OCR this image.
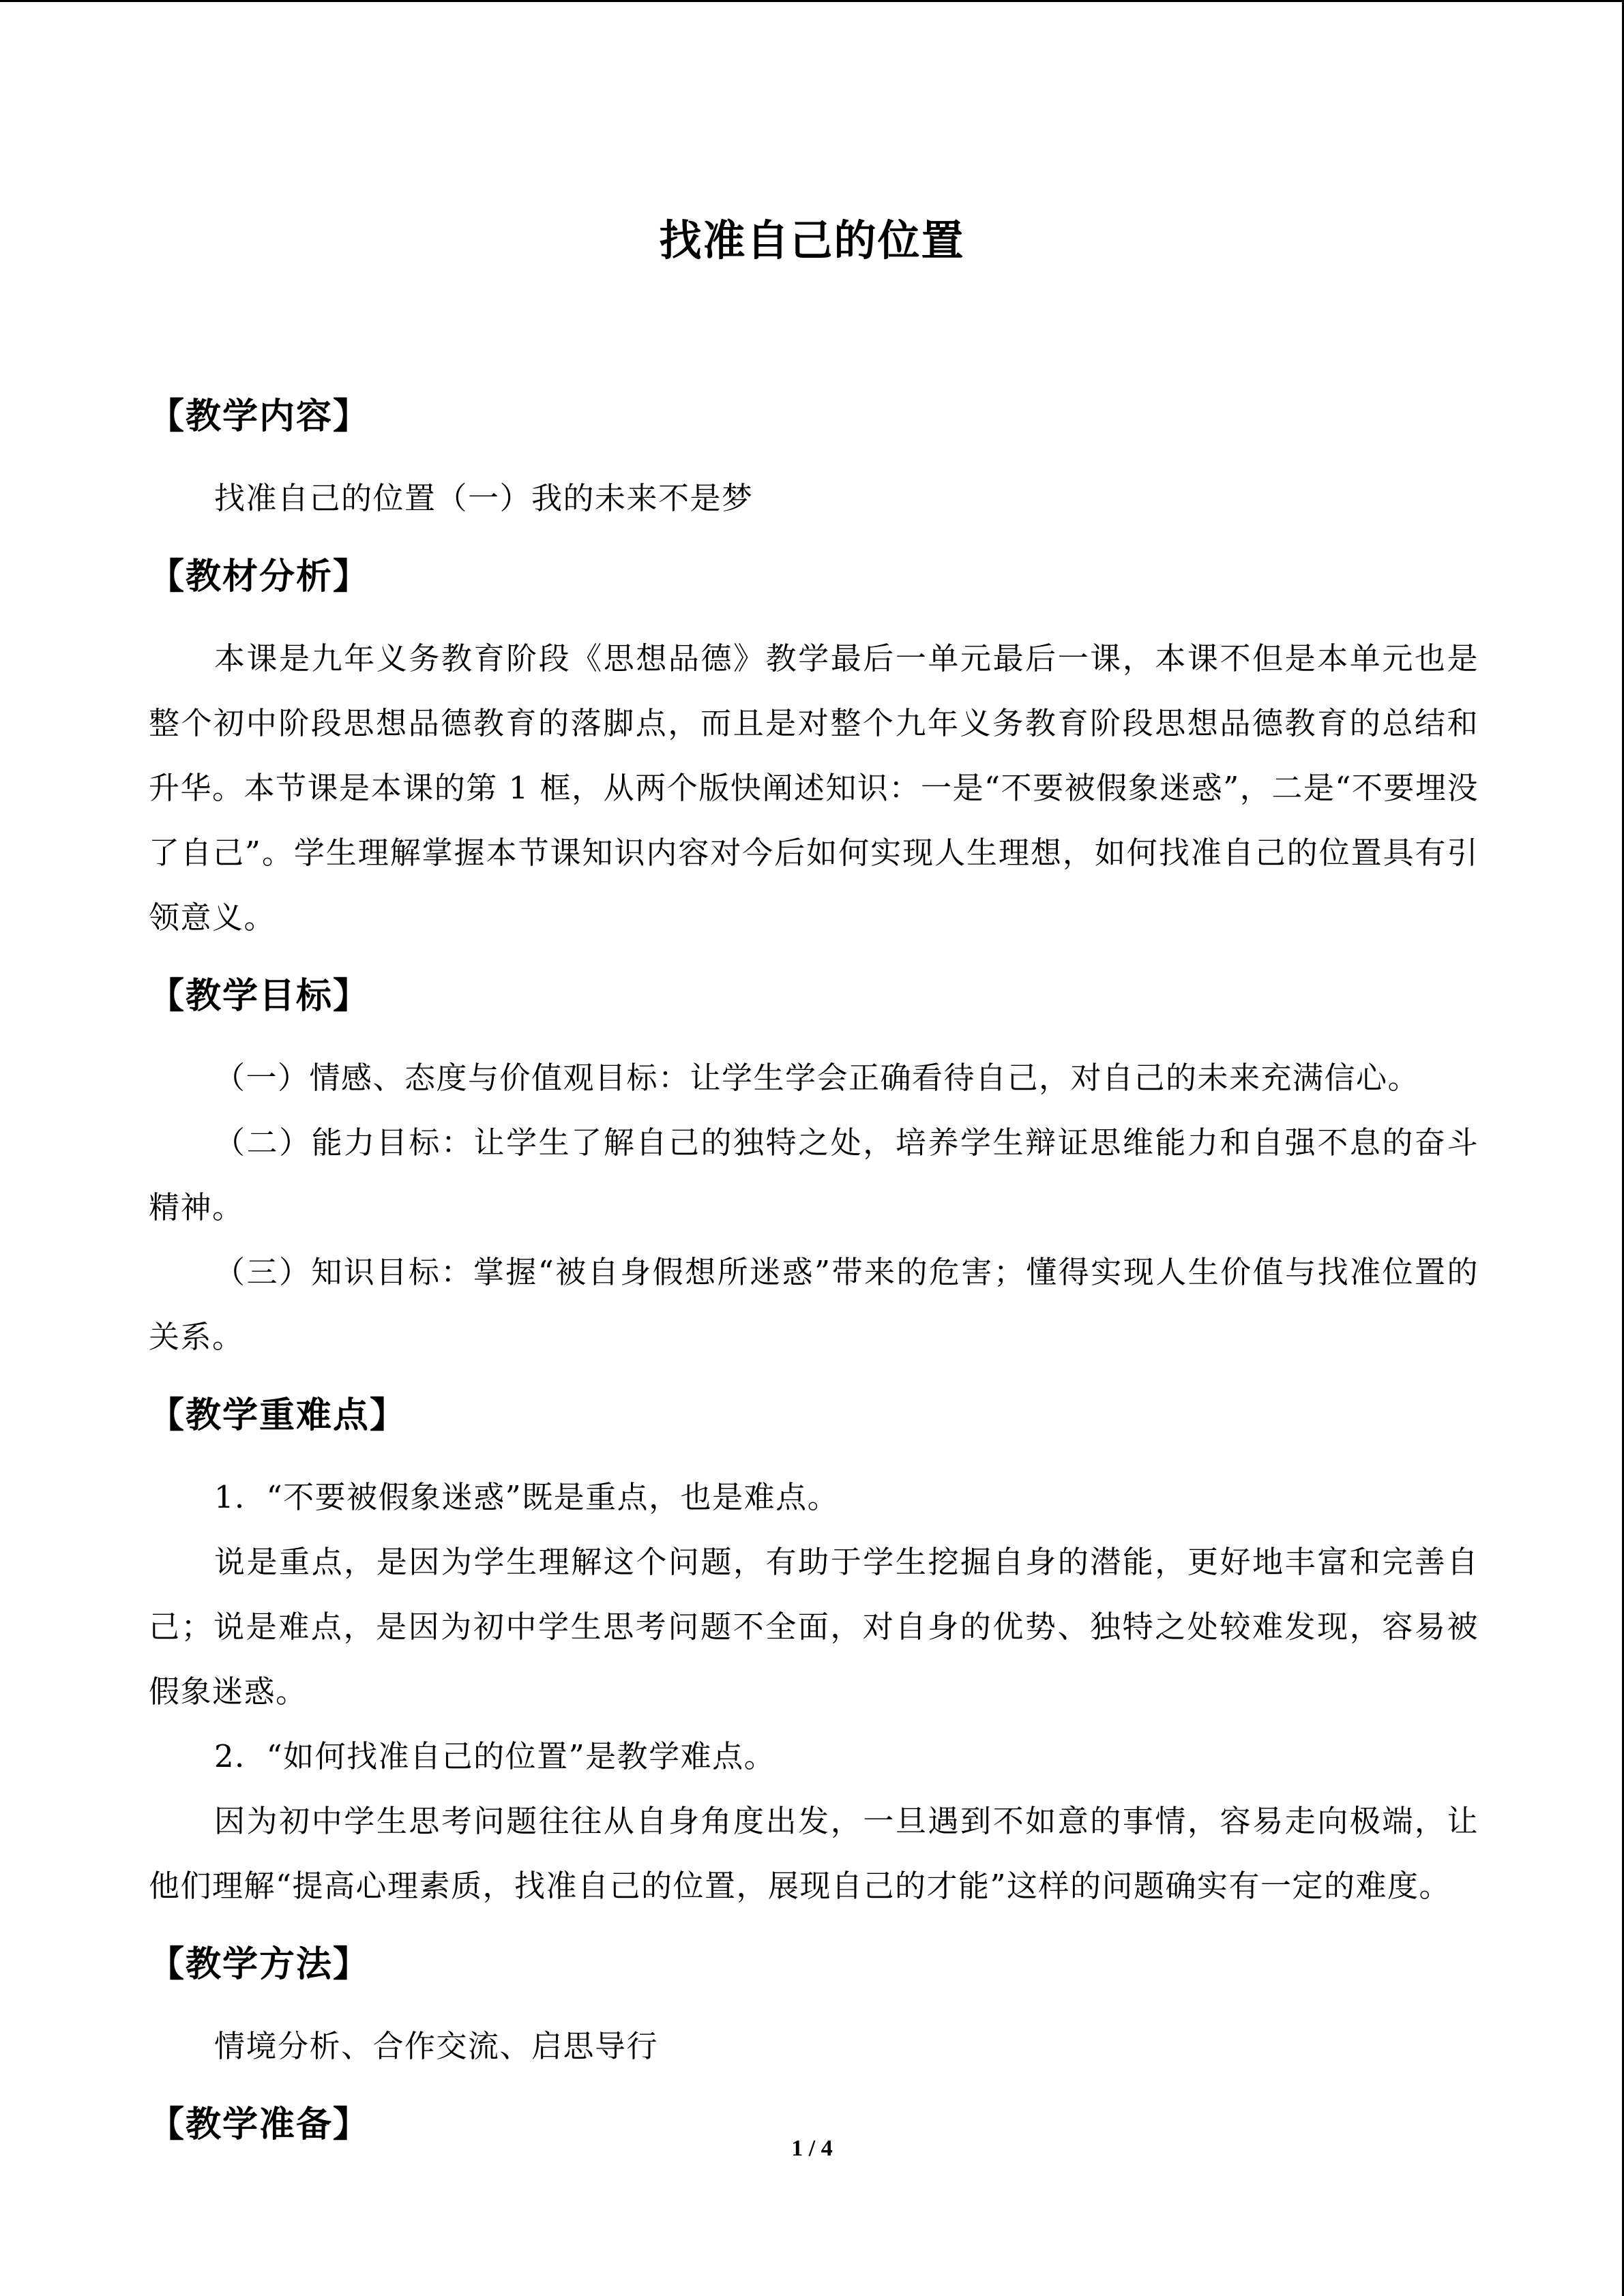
找准自己的位置
【教学内容】

找准自己的位置（一）我的未来不是梦

【教材分析】

本课是九年义务教育阶段《思想品德》教学最后一单元最后一课，本课不但是本单元也是整个初中阶段思想品德教育的落脚点，而且是对整个九年义务教育阶段思想品德教育的总结和升华。本节课是本课的第 1 框，从两个版快阐述知识：一是“不要被假象迷惑”，二是“不要埋没了自己”。学生理解掌握本节课知识内容对今后如何实现人生理想，如何找准自己的位置具有引领意义。

【教学目标】

（一）情感、态度与价值观目标：让学生学会正确看待自己，对自己的未来充满信心。

（二）能力目标：让学生了解自己的独特之处，培养学生辩证思维能力和自强不息的奋斗精神。

（三）知识目标：掌握“被自身假想所迷惑”带来的危害；懂得实现人生价值与找准位置的关系。

【教学重难点】

1．“不要被假象迷惑”既是重点，也是难点。

说是重点，是因为学生理解这个问题，有助于学生挖掘自身的潜能，更好地丰富和完善自己；说是难点，是因为初中学生思考问题不全面，对自身的优势、独特之处较难发现，容易被假象迷惑。

2．“如何找准自己的位置”是教学难点。

因为初中学生思考问题往往从自身角度出发，一旦遇到不如意的事情，容易走向极端，让他们理解“提高心理素质，找准自己的位置，展现自己的才能”这样的问题确实有一定的难度。

【教学方法】

情境分析、合作交流、启思导行

【教学准备】
1 / 4
